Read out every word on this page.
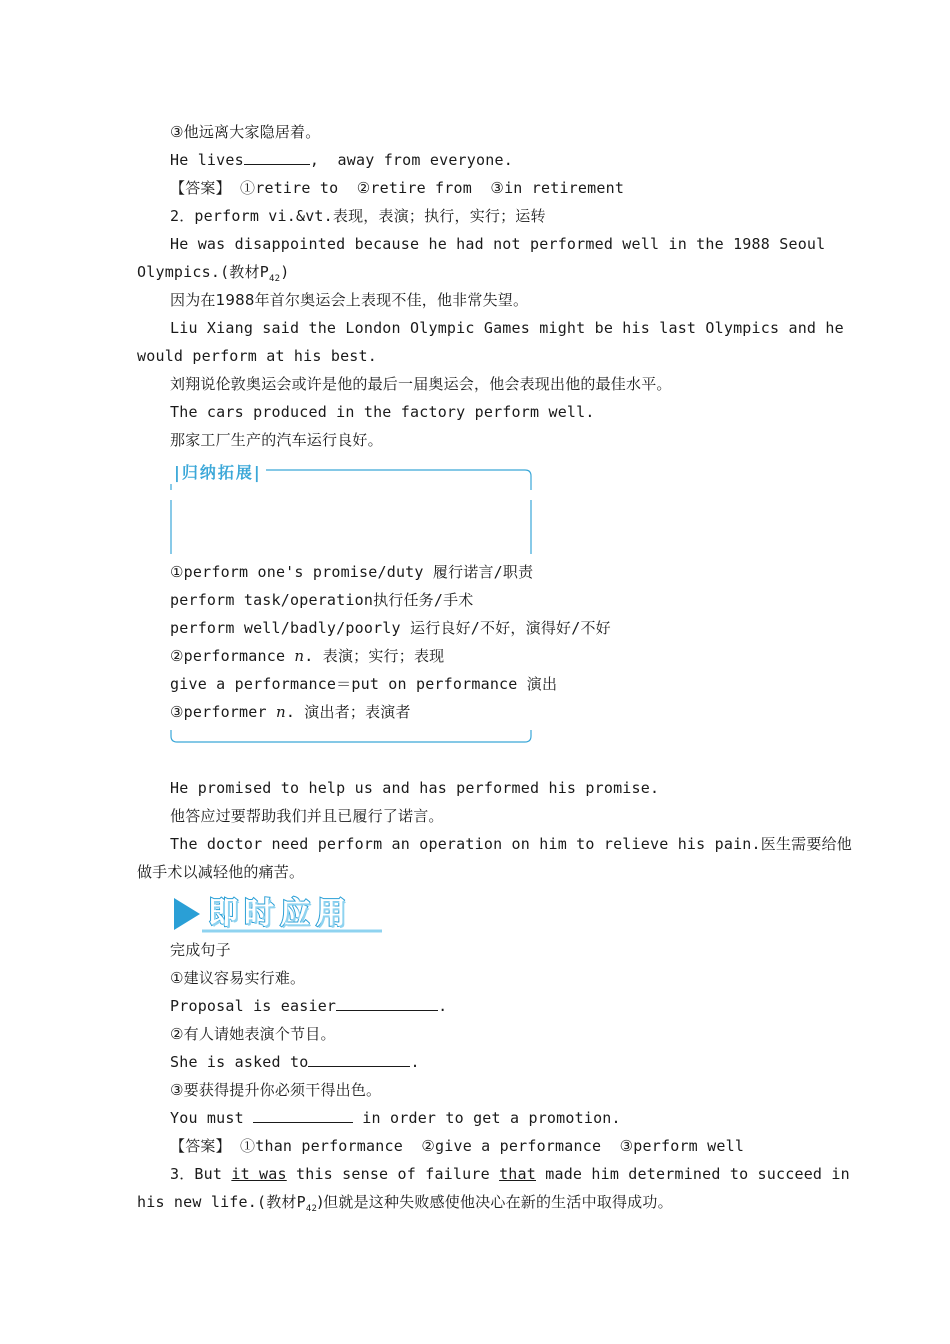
③他远离大家隐居着。
He lives	,  away from everyone.
【答案】 ①retire to  ②retire from  ③in retirement
2．perform vi.&vt.表现，表演；执行，实行；运转
He was disappointed because he had not performed well in the 1988 Seoul
Olympics.(教材$P_{42}$)
因为在1988年首尔奥运会上表现不佳，他非常失望。
Liu Xiang said the London Olympic Games might be his last Olympics and he
would perform at his best.
刘翔说伦敦奥运会或许是他的最后一届奥运会，他会表现出他的最佳水平。
The cars produced in the factory perform well.
那家工厂生产的汽车运行良好。
|归纳拓展|
①perform one's promise/duty 履行诺言/职责
perform task/operation执行任务/手术
perform well/badly/poorly 运行良好/不好，演得好/不好
②performance n. 表演；实行；表现
give a performance＝put on performance 演出
③performer n. 演出者；表演者
He promised to help us and has performed his promise.
他答应过要帮助我们并且已履行了诺言。
The doctor need perform an operation on him to relieve his pain.医生需要给他
做手术以减轻他的痛苦。
即时应用
完成句子
①建议容易实行难。
Proposal is easier	.
②有人请她表演个节目。
She is asked to	.
③要获得提升你必须干得出色。
You must	in order to get a promotion.
【答案】 ①than performance  ②give a performance  ③perform well
3．But it was this sense of failure that made him determined to succeed in
his new life.(教材$P_{42}$)但就是这种失败感使他决心在新的生活中取得成功。
